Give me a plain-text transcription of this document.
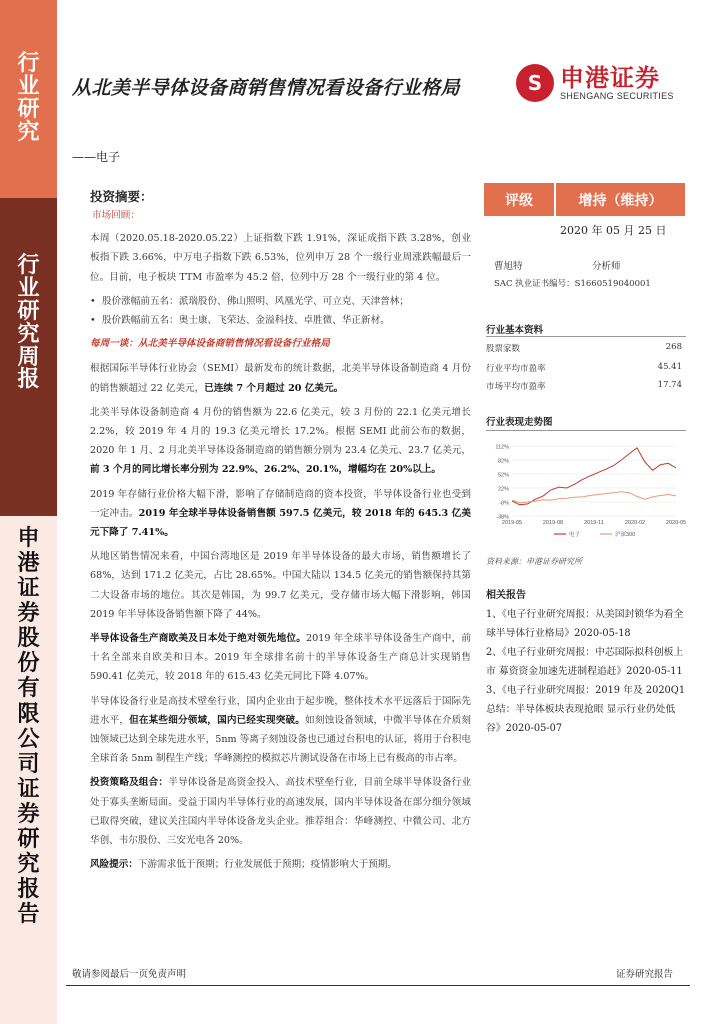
行业研究
行业研究周报
申港证券股份有限公司证券研究报告
从北美半导体设备商销售情况看设备行业格局
——电子
S 申港证券
SHENGANG SECURITIES
投资摘要：
市场回顾：

本周（2020.05.18-2020.05.22）上证指数下跌 1.91%，深证成指下跌 3.28%，创业板指下跌 3.66%，中万电子指数下跌 6.53%，位列申万 28 个一级行业周涨跌幅最后一位。目前，电子板块 TTM 市盈率为 45.2 倍，位列中万 28 个一级行业的第 4 位。

• 股价涨幅前五名：派瑞股份、佛山照明、风凰光学、可立克、天津普林；
• 股价跌幅前五名：奥士康、飞荣达、金溢科技、卓胜微、华正新材。
每周一谈：从北美半导体设备商销售情况看设备行业格局

根据国际半导体行业协会（SEMI）最新发布的统计数据，北美半导体设备制造商 4 月份的销售额超过 22 亿美元，已连续 7 个月超过 20 亿美元。

北美半导体设备制造商 4 月份的销售额为 22.6 亿美元，较 3 月份的 22.1 亿美元增长 2.2%，较 2019 年 4 月的 19.3 亿美元增长 17.2%。根据 SEMI 此前公布的数据，2020 年 1 月、2 月北美半导体设备制造商的销售额分别为 23.4 亿美元、23.7 亿美元，前 3 个月的同比增长率分别为 22.9%、26.2%、20.1%，增幅均在 20%以上。

2019 年存储行业价格大幅下滑，影响了存储制造商的资本投资，半导体设备行业也受到一定冲击。2019 年全球半导体设备销售额 597.5 亿美元，较 2018 年的 645.3 亿美元下降了 7.41%。

从地区销售情况来看，中国台湾地区是 2019 年半导体设备的最大市场，销售额增长了 68%，达到 171.2 亿美元，占比 28.65%。中国大陆以 134.5 亿美元的销售额保持其第二大设备市场的地位。其次是韩国，为 99.7 亿美元，受存储市场大幅下滑影响，韩国 2019 年半导体设备销售额下降了 44%。

半导体设备生产商欧美及日本处于绝对领先地位。2019 年全球半导体设备生产商中，前十名全部来自欧美和日本。2019 年全球排名前十的半导体设备生产商总计实现销售 590.41 亿美元，较 2018 年的 615.43 亿美元同比下降 4.07%。

半导体设备行业是高技术壁垒行业，国内企业由于起步晚，整体技术水平远落后于国际先进水平，但在某些细分领域，国内已经实现突破。如刻蚀设备领域，中微半导体在介质刻蚀领域已达到全球先进水平，5nm 等离子刻蚀设备也已通过台积电的认证，将用于台积电全球首条 5nm 制程生产线；华峰测控的模拟芯片测试设备在市场上已有极高的市占率。

投资策略及组合：半导体设备是高资金投入、高技术壁垒行业，目前全球半导体设备行业处于寡头垄断局面。受益于国内半导体行业的高速发展，国内半导体设备在部分细分领域已取得突破，建议关注国内半导体设备龙头企业。推荐组合：华峰测控、中微公司、北方华创、韦尔股份、三安光电各 20%。

风险提示：下游需求低于预期；行业发展低于预期；疫情影响大于预期。

评级	增持（维持）
2020 年 05 月 25 日
曹旭特	分析师
SAC 执业证书编号：S1660519040001
行业基本资料
股票家数	268
行业平均市盈率	45.41
市场平均市盈率	17.74
行业表现走势图
112%
82%
52%
22%
-8%
-38%
2019-05	2019-08	2019-11	2020-02	2020-05
电子	沪深300
资料来源：申港证券研究所
相关报告
1、《电子行业研究周报：从美国封锁华为看全球半导体行业格局》2020-05-18
2、《电子行业研究周报：中芯国际拟科创板上市 募资资金加速先进制程追赶》2020-05-11
3、《电子行业研究周报：2019 年及 2020Q1 总结：半导体板块表现抢眼 显示行业仍处低谷》2020-05-07
敬请参阅最后一页免责声明	证券研究报告
